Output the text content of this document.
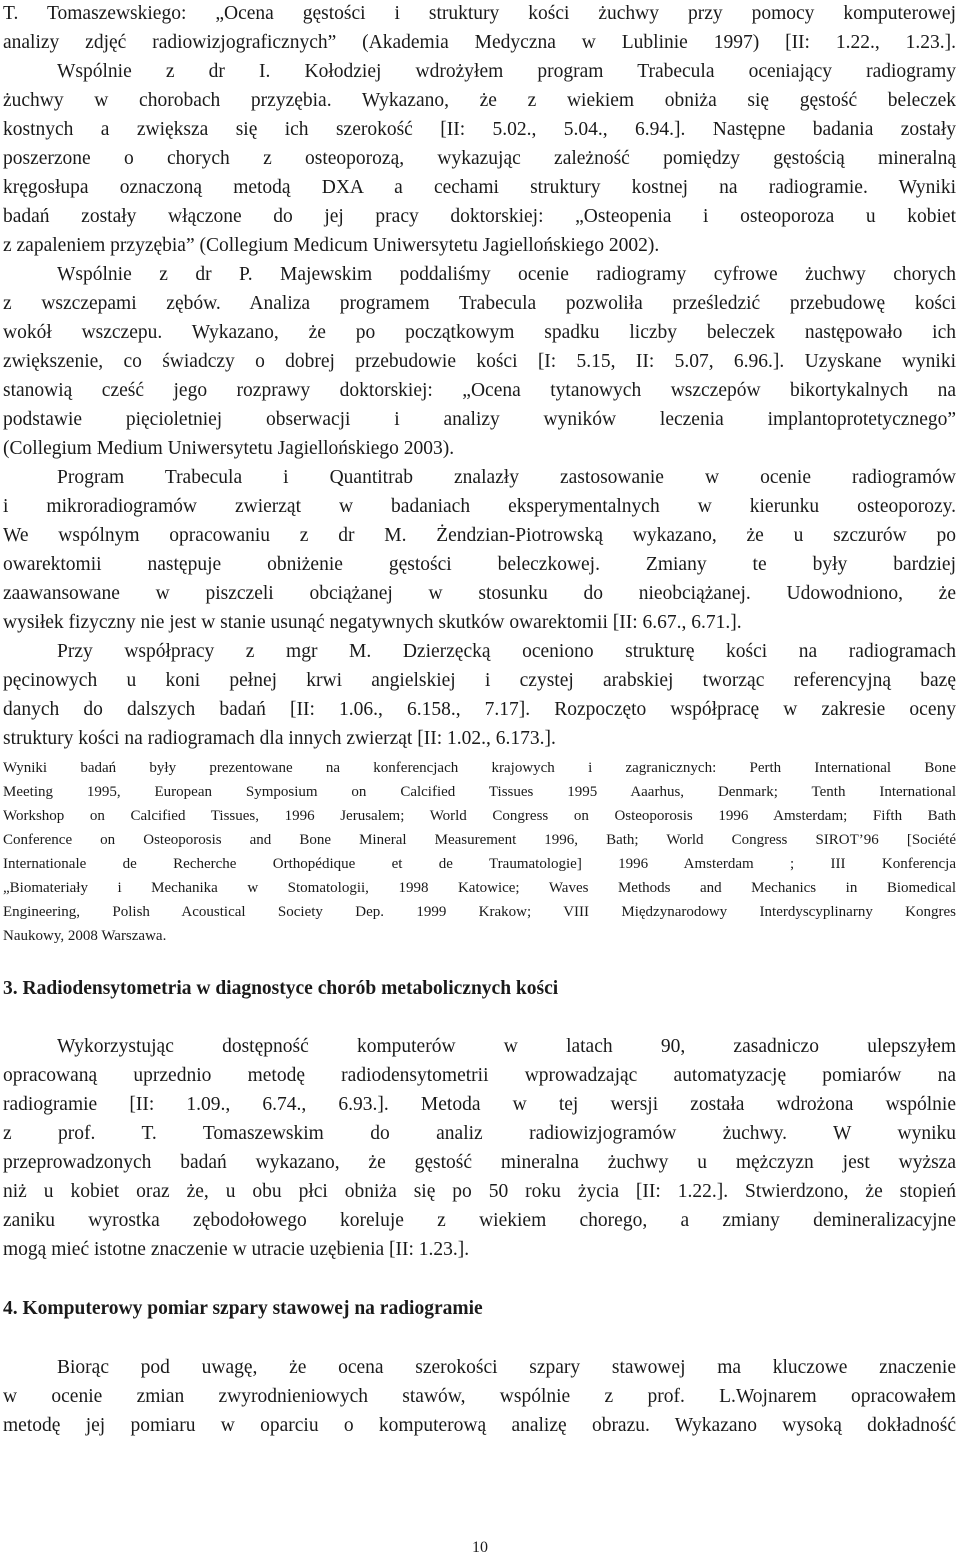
T. Tomaszewskiego: „Ocena gęstości i struktury kości żuchwy przy pomocy komputerowej
analizy zdjęć radiowizjograficznych” (Akademia Medyczna w Lublinie 1997) [II: 1.22., 1.23.].
Wspólnie z dr I. Kołodziej wdrożyłem program Trabecula oceniający radiogramy
żuchwy w chorobach przyzębia. Wykazano, że z wiekiem obniża się gęstość beleczek
kostnych a zwiększa się ich szerokość [II: 5.02., 5.04., 6.94.]. Następne badania zostały
poszerzone o chorych z osteoporozą, wykazując zależność pomiędzy gęstością mineralną
kręgosłupa oznaczoną metodą DXA a cechami struktury kostnej na radiogramie. Wyniki
badań zostały włączone do jej pracy doktorskiej: „Osteopenia i osteoporoza u kobiet
z zapaleniem przyzębia” (Collegium Medicum Uniwersytetu Jagiellońskiego 2002).
Wspólnie z dr P. Majewskim poddaliśmy ocenie radiogramy cyfrowe żuchwy chorych
z wszczepami zębów. Analiza programem Trabecula pozwoliła prześledzić przebudowę kości
wokół wszczepu. Wykazano, że po początkowym spadku liczby beleczek następowało ich
zwiększenie, co świadczy o dobrej przebudowie kości [I: 5.15, II: 5.07, 6.96.]. Uzyskane wyniki
stanowią cześć jego rozprawy doktorskiej: „Ocena tytanowych wszczepów bikortykalnych na
podstawie pięcioletniej obserwacji i analizy wyników leczenia implantoprotetycznego”
(Collegium Medium Uniwersytetu Jagiellońskiego 2003).
Program Trabecula i Quantitrab znalazły zastosowanie w ocenie radiogramów
i mikroradiogramów zwierząt w badaniach eksperymentalnych w kierunku osteoporozy.
We wspólnym opracowaniu z dr M. Żendzian-Piotrowską wykazano, że u szczurów po
owarektomii następuje obniżenie gęstości beleczkowej. Zmiany te były bardziej
zaawansowane w piszczeli obciążanej w stosunku do nieobciążanej. Udowodniono, że
wysiłek fizyczny nie jest w stanie usunąć negatywnych skutków owarektomii [II: 6.67., 6.71.].
Przy współpracy z mgr M. Dzierzęcką oceniono strukturę kości na radiogramach
pęcinowych u koni pełnej krwi angielskiej i czystej arabskiej tworząc referencyjną bazę
danych do dalszych badań [II: 1.06., 6.158., 7.17]. Rozpoczęto współpracę w zakresie oceny
struktury kości na radiogramach dla innych zwierząt [II: 1.02., 6.173.].
Wyniki badań były prezentowane na konferencjach krajowych i zagranicznych: Perth International Bone
Meeting 1995, European Symposium on Calcified Tissues 1995 Aaarhus, Denmark; Tenth International
Workshop on Calcified Tissues, 1996 Jerusalem; World Congress on Osteoporosis 1996 Amsterdam; Fifth Bath
Conference on Osteoporosis and Bone Mineral Measurement 1996, Bath; World Congress SIROT’96 [Société
Internationale de Recherche Orthopédique et de Traumatologie] 1996 Amsterdam ; III Konferencja
„Biomateriały i Mechanika w Stomatologii, 1998 Katowice; Waves Methods and Mechanics in Biomedical
Engineering, Polish Acoustical Society Dep. 1999 Krakow; VIII Międzynarodowy Interdyscyplinarny Kongres
Naukowy, 2008 Warszawa.
3. Radiodensytometria w diagnostyce chorób metabolicznych kości
Wykorzystując dostępność komputerów w latach 90, zasadniczo ulepszyłem
opracowaną uprzednio metodę radiodensytometrii wprowadzając automatyzację pomiarów na
radiogramie [II: 1.09., 6.74., 6.93.]. Metoda w tej wersji została wdrożona wspólnie
z prof. T. Tomaszewskim do analiz radiowizjogramów żuchwy. W wyniku
przeprowadzonych badań wykazano, że gęstość mineralna żuchwy u mężczyzn jest wyższa
niż u kobiet oraz że, u obu płci obniża się po 50 roku życia [II: 1.22.]. Stwierdzono, że stopień
zaniku wyrostka zębodołowego koreluje z wiekiem chorego, a zmiany demineralizacyjne
mogą mieć istotne znaczenie w utracie uzębienia [II: 1.23.].
4. Komputerowy pomiar szpary stawowej na radiogramie
Biorąc pod uwagę, że ocena szerokości szpary stawowej ma kluczowe znaczenie
w ocenie zmian zwyrodnieniowych stawów, wspólnie z prof. L.Wojnarem opracowałem
metodę jej pomiaru w oparciu o komputerową analizę obrazu. Wykazano wysoką dokładność
10
